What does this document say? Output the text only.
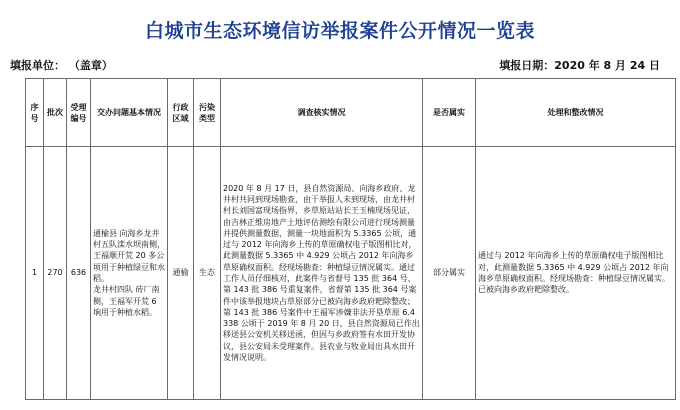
白城市生态环境信访举报案件公开情况一览表
填报单位： （盖章）	填报日期：2020 年 8 月 24 日
序号	批次	受理编号	交办问题基本情况	行政区域	污染类型	调查核实情况	是否属实	处理和整改情况
1	270	636	通榆县 向海乡龙井村五队滦水坝南侧，王福顺开荒 20 多公顷用于种植绿豆和水稻。
龙井村四队 砖厂南侧，王福军开荒 6 垧用于种植水稻。	通榆	生态	2020 年 8 月 17 日，县自然资源局、向海乡政府、龙井村共同到现场勘查，由于举报人未到现场，由龙井村村长刘国富现场指界，乡草原站站长王玉楠现场见证，由吉林正维房地产土地评估测绘有限公司进行现场测量并提供测量数据，测量一块地面积为 5.3365 公顷，通过与 2012 年向海乡上传的草原确权电子版图相比对，此测量数据 5.3365 中 4.929 公顷占 2012 年向海乡草原确权面积。经现场勘查：种植绿豆情况属实。通过工作人员仔细核对，此案件与省督号 135 批 364 号、第 143 批 386 号重复案件，省督第 135 批 364 号案件中该举报地块占草原部分已被向海乡政府耙除整改；第 143 批 386 号案件中王福军涉嫌非法开垦草原 6.4338 公顷于 2019 年 8 月 20 日，县自然资源局已作出移送县公安机关移送函，但因与乡政府签有水田开发协议，县公安局未受理案件。县农业与牧业局出具水田开发情况说明。	部分属实	通过与 2012 年向海乡上传的草原确权电子版图相比对，此测量数据 5.3365 中 4.929 公顷占 2012 年向海乡草原确权面积。经现场勘查：种植绿豆情况属实。已被向海乡政府耙除整改。
